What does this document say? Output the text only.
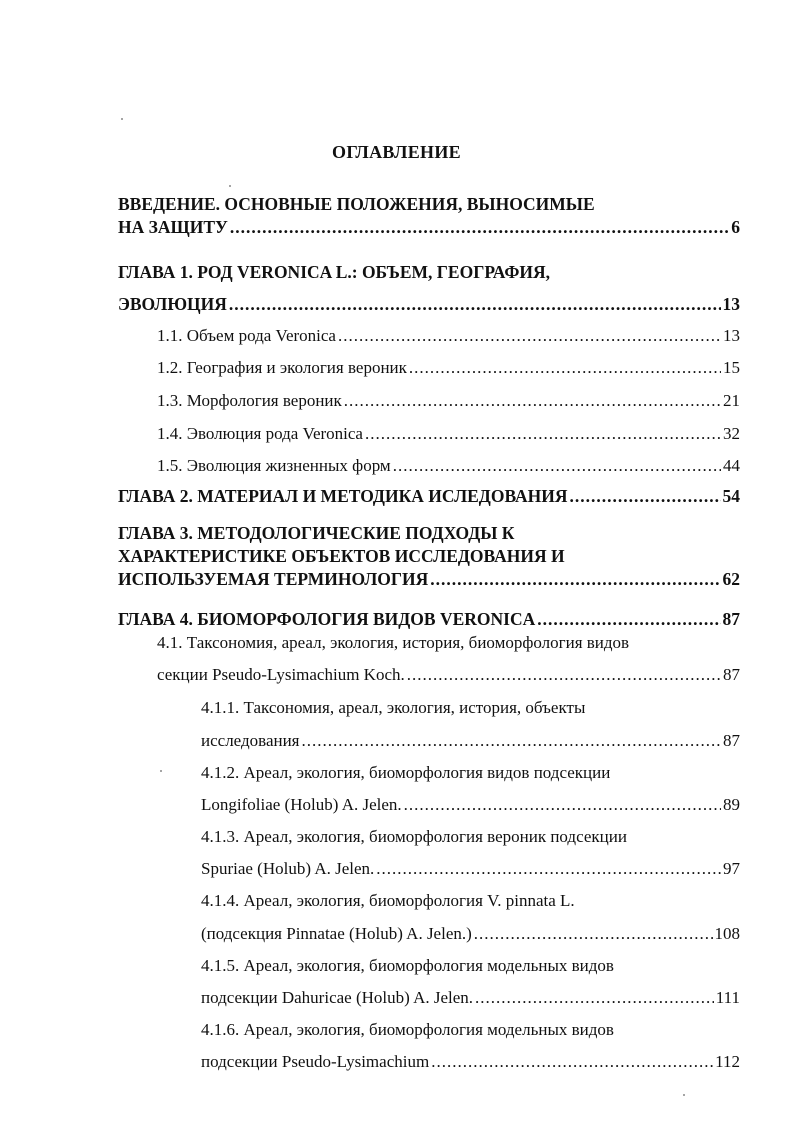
ОГЛАВЛЕНИЕ
ВВЕДЕНИЕ. ОСНОВНЫЕ ПОЛОЖЕНИЯ, ВЫНОСИМЫЕ
НА ЗАЩИТУ .....	6
ГЛАВА 1. РОД VERONICA L.: ОБЪЕМ, ГЕОГРАФИЯ,
ЭВОЛЮЦИЯ .....	13
1.1. Объем рода Veronica .....	13
1.2. География и экология вероник .....	15
1.3. Морфология вероник .....	21
1.4. Эволюция рода Veronica .....	32
1.5. Эволюция жизненных форм .....	44
ГЛАВА 2. МАТЕРИАЛ И МЕТОДИКА ИСЛЕДОВАНИЯ .....	54
ГЛАВА 3. МЕТОДОЛОГИЧЕСКИЕ ПОДХОДЫ К
ХАРАКТЕРИСТИКЕ ОБЪЕКТОВ ИССЛЕДОВАНИЯ И
ИСПОЛЬЗУЕМАЯ ТЕРМИНОЛОГИЯ .....	62
ГЛАВА 4. БИОМОРФОЛОГИЯ ВИДОВ VERONICA .....	87
4.1. Таксономия, ареал, экология, история, биоморфология видов
секции Pseudo-Lysimachium Koch. .....	87
4.1.1. Таксономия, ареал, экология, история, объекты
исследования .....	87
4.1.2. Ареал, экология, биоморфология видов подсекции
Longifoliae (Holub) A. Jelen. .....	89
4.1.3. Ареал, экология, биоморфология вероник подсекции
Spuriae (Holub) A. Jelen. .....	97
4.1.4. Ареал, экология, биоморфология V. pinnata L.
(подсекция Pinnatae (Holub) A. Jelen.) .....	108
4.1.5. Ареал, экология, биоморфология модельных видов
подсекции Dahuricae (Holub) A. Jelen. .....	111
4.1.6. Ареал, экология, биоморфология модельных видов
подсекции Pseudo-Lysimachium .....	112
